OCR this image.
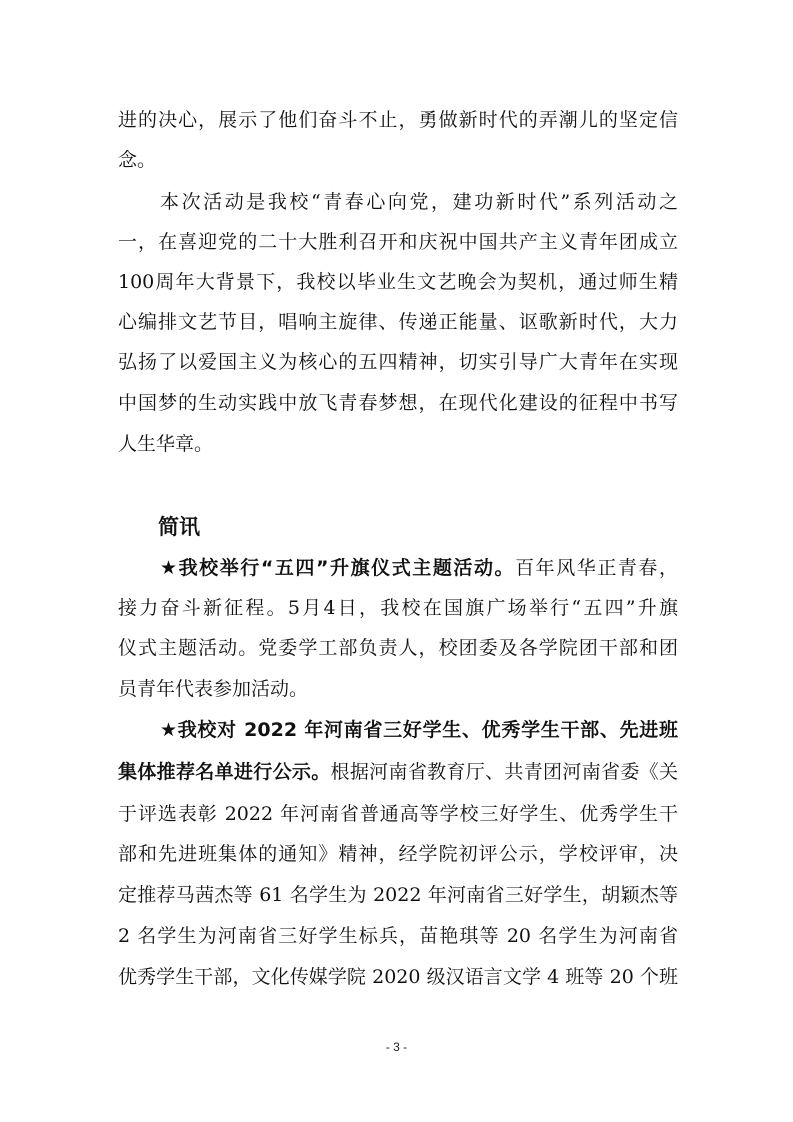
进的决心，展示了他们奋斗不止，勇做新时代的弄潮儿的坚定信
念。
本次活动是我校“青春心向党，建功新时代”系列活动之
一，在喜迎党的二十大胜利召开和庆祝中国共产主义青年团成立
100周年大背景下，我校以毕业生文艺晚会为契机，通过师生精
心编排文艺节目，唱响主旋律、传递正能量、讴歌新时代，大力
弘扬了以爱国主义为核心的五四精神，切实引导广大青年在实现
中国梦的生动实践中放飞青春梦想，在现代化建设的征程中书写
人生华章。
简讯
★我校举行“五四”升旗仪式主题活动。百年风华正青春，
接力奋斗新征程。5月4日，我校在国旗广场举行“五四”升旗
仪式主题活动。党委学工部负责人，校团委及各学院团干部和团
员青年代表参加活动。
★我校对 2022 年河南省三好学生、优秀学生干部、先进班
集体推荐名单进行公示。根据河南省教育厅、共青团河南省委《关
于评选表彰 2022 年河南省普通高等学校三好学生、优秀学生干
部和先进班集体的通知》精神，经学院初评公示，学校评审，决
定推荐马茜杰等 61 名学生为 2022 年河南省三好学生，胡颖杰等
2 名学生为河南省三好学生标兵，苗艳琪等 20 名学生为河南省
优秀学生干部，文化传媒学院 2020 级汉语言文学 4 班等 20 个班
- 3 -
